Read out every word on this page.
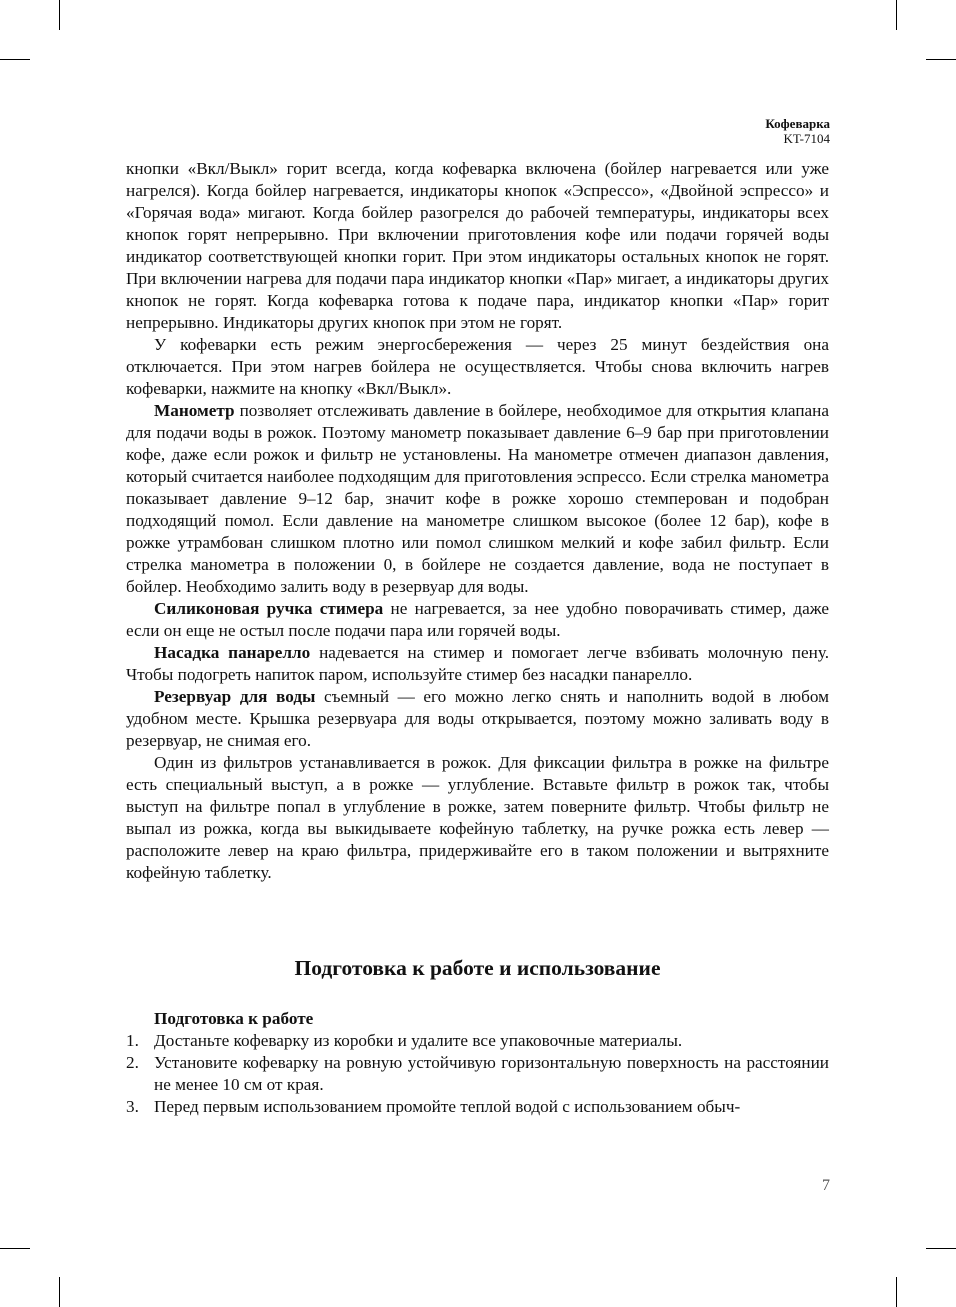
Кофеварка
KT-7104

кнопки «Вкл/Выкл» горит всегда, когда кофеварка включена (бойлер нагревается или уже нагрелся). Когда бойлер нагревается, индикаторы кнопок «Эспрессо», «Двойной эспрессо» и «Горячая вода» мигают. Когда бойлер разогрелся до рабочей температуры, индикаторы всех кнопок горят непрерывно. При включении приготовления кофе или подачи горячей воды индикатор соответствующей кнопки горит. При этом индикаторы остальных кнопок не горят. При включении нагрева для подачи пара индикатор кнопки «Пар» мигает, а индикаторы других кнопок не горят. Когда кофеварка готова к подаче пара, индикатор кнопки «Пар» горит непрерывно. Индикаторы других кнопок при этом не горят.

У кофеварки есть режим энергосбережения — через 25 минут бездействия она отключается. При этом нагрев бойлера не осуществляется. Чтобы снова включить нагрев кофеварки, нажмите на кнопку «Вкл/Выкл».

Манометр позволяет отслеживать давление в бойлере, необходимое для открытия клапана для подачи воды в рожок. Поэтому манометр показывает давление 6–9 бар при приготовлении кофе, даже если рожок и фильтр не установлены. На манометре отмечен диапазон давления, который считается наиболее подходящим для приготовления эспрессо. Если стрелка манометра показывает давление 9–12 бар, значит кофе в рожке хорошо стемперован и подобран подходящий помол. Если давление на манометре слишком высокое (более 12 бар), кофе в рожке утрамбован слишком плотно или помол слишком мелкий и кофе забил фильтр. Если стрелка манометра в положении 0, в бойлере не создается давление, вода не поступает в бойлер. Необходимо залить воду в резервуар для воды.

Силиконовая ручка стимера не нагревается, за нее удобно поворачивать стимер, даже если он еще не остыл после подачи пара или горячей воды.

Насадка панарелло надевается на стимер и помогает легче взбивать молочную пену. Чтобы подогреть напиток паром, используйте стимер без насадки панарелло.

Резервуар для воды съемный — его можно легко снять и наполнить водой в любом удобном месте. Крышка резервуара для воды открывается, поэтому можно заливать воду в резервуар, не снимая его.

Один из фильтров устанавливается в рожок. Для фиксации фильтра в рожке на фильтре есть специальный выступ, а в рожке — углубление. Вставьте фильтр в рожок так, чтобы выступ на фильтре попал в углубление в рожке, затем поверните фильтр. Чтобы фильтр не выпал из рожка, когда вы выкидываете кофейную таблетку, на ручке рожка есть левер — расположите левер на краю фильтра, придерживайте его в таком положении и вытряхните кофейную таблетку.

Подготовка к работе и использование
Подготовка к работе
1. Достаньте кофеварку из коробки и удалите все упаковочные материалы.
2. Установите кофеварку на ровную устойчивую горизонтальную поверхность на расстоянии не менее 10 см от края.
3. Перед первым использованием промойте теплой водой с использованием обыч-
7
